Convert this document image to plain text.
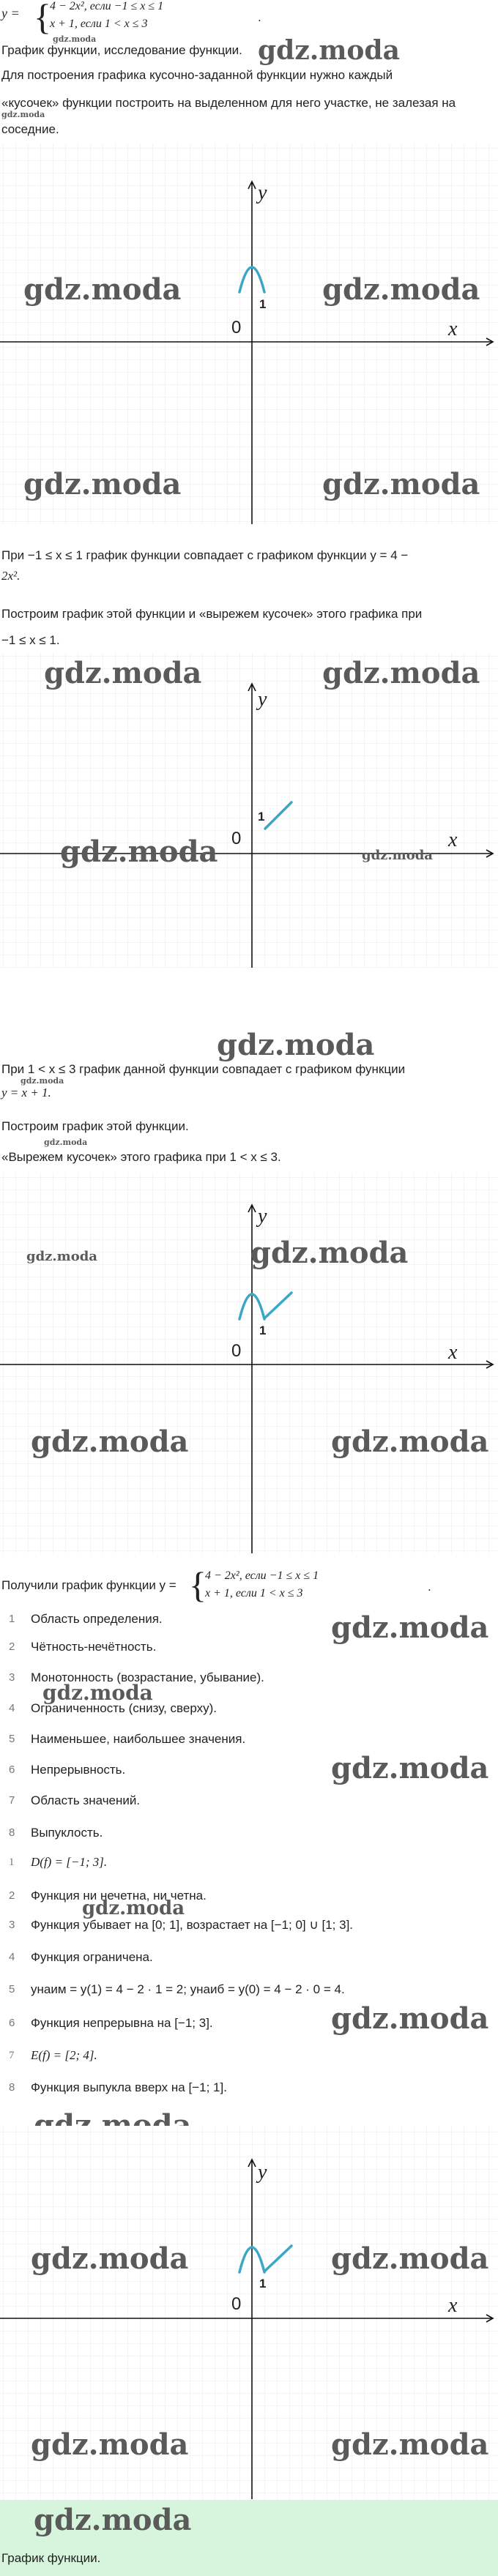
y = {
4 − 2x², если −1 ≤ x ≤ 1
x + 1, если 1 < x ≤ 3	.
gdz.moda
График функции, исследование функции. gdz.moda
Для построения графика кусочно-заданной функции нужно каждый
«кусочек» функции построить на выделенном для него участке, не залезая на
gdz.moda
соседние.
y
x
0
1
gdz.moda	gdz.moda
gdz.moda	gdz.moda
При −1 ≤ x ≤ 1 график функции совпадает с графиком функции y = 4 −
2x².
Построим график этой функции и «вырежем кусочек» этого графика при
−1 ≤ x ≤ 1.
y
x
0
1
gdz.moda	gdz.moda
gdz.moda	gdz.moda
gdz.moda
При 1 < x ≤ 3 график данной функции совпадает с графиком функции
gdz.moda
y = x + 1.
Построим график этой функции.
gdz.moda
«Вырежем кусочек» этого графика при 1 < x ≤ 3.
y
x
0
1
gdz.moda	gdz.moda
gdz.moda	gdz.moda
Получили график функции y = {
4 − 2x², если −1 ≤ x ≤ 1
x + 1, если 1 < x ≤ 3	.
1 Область определения.
2 Чётность-нечётность.
3 Монотонность (возрастание, убывание).
4 Ограниченность (снизу, сверху).
5 Наименьшее, наибольшее значения.
6 Непрерывность.
7 Область значений.
8 Выпуклость.
gdz.moda
gdz.moda
gdz.moda
1 D(f) = [−1; 3].
2 Функция ни нечетна, ни четна.
3 Функция убывает на [0; 1], возрастает на [−1; 0] ∪ [1; 3].
4 Функция ограничена.
5 yнаим = y(1) = 4 − 2 · 1 = 2; yнаиб = y(0) = 4 − 2 · 0 = 4.
6 Функция непрерывна на [−1; 3].
7 E(f) = [2; 4].
8 Функция выпукла вверх на [−1; 1].
gdz.moda
gdz.moda
y
x
0
1
gdz.moda	gdz.moda
gdz.moda	gdz.moda
gdz.moda
График функции.
